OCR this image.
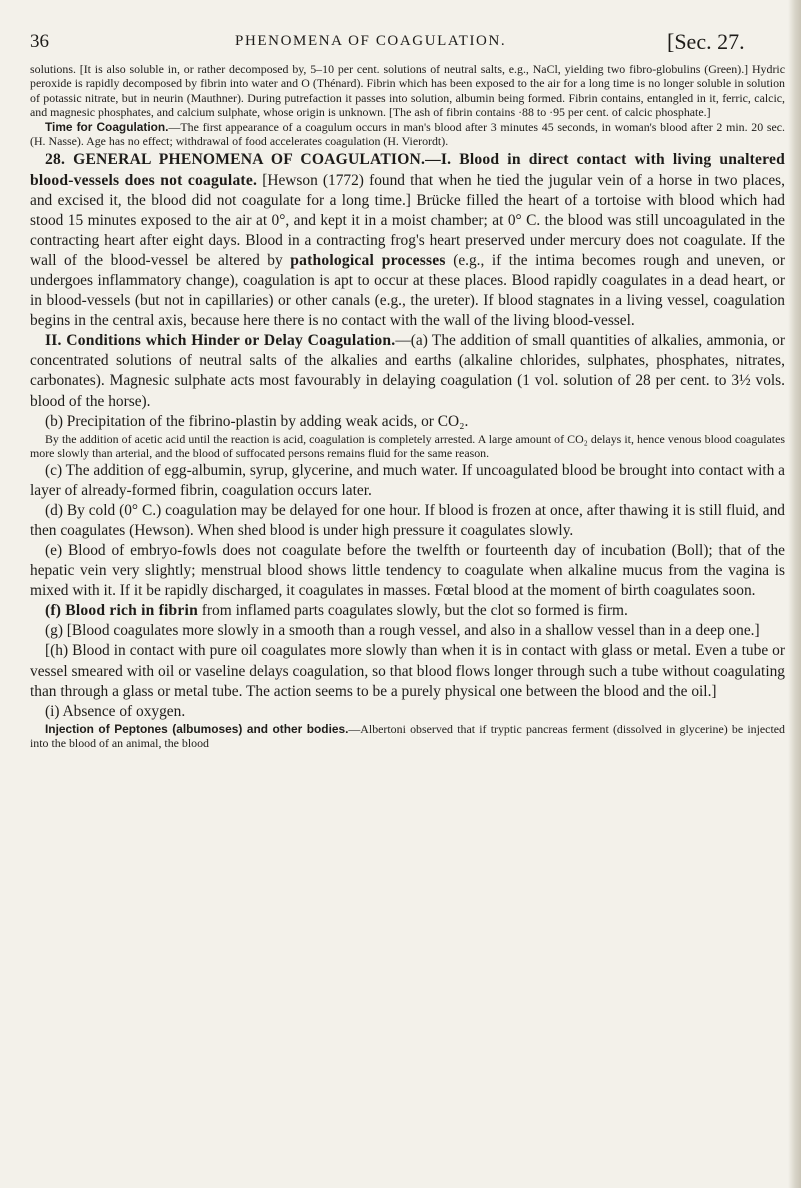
36	PHENOMENA OF COAGULATION.	[Sec. 27.

solutions. [It is also soluble in, or rather decomposed by, 5–10 per cent. solutions of neutral salts, e.g., NaCl, yielding two fibro-globulins (Green).] Hydric peroxide is rapidly decomposed by fibrin into water and O (Thénard). Fibrin which has been exposed to the air for a long time is no longer soluble in solution of potassic nitrate, but in neurin (Mauthner). During putrefaction it passes into solution, albumin being formed. Fibrin contains, entangled in it, ferric, calcic, and magnesic phosphates, and calcium sulphate, whose origin is unknown. [The ash of fibrin contains ·88 to ·95 per cent. of calcic phosphate.]

Time for Coagulation.—The first appearance of a coagulum occurs in man's blood after 3 minutes 45 seconds, in woman's blood after 2 min. 20 sec. (H. Nasse). Age has no effect; withdrawal of food accelerates coagulation (H. Vierordt).

28. GENERAL PHENOMENA OF COAGULATION.—I. Blood in direct contact with living unaltered blood-vessels does not coagulate. [Hewson (1772) found that when he tied the jugular vein of a horse in two places, and excised it, the blood did not coagulate for a long time.] Brücke filled the heart of a tortoise with blood which had stood 15 minutes exposed to the air at 0°, and kept it in a moist chamber; at 0° C. the blood was still uncoagulated in the contracting heart after eight days. Blood in a contracting frog's heart preserved under mercury does not coagulate. If the wall of the blood-vessel be altered by pathological processes (e.g., if the intima becomes rough and uneven, or undergoes inflammatory change), coagulation is apt to occur at these places. Blood rapidly coagulates in a dead heart, or in blood-vessels (but not in capillaries) or other canals (e.g., the ureter). If blood stagnates in a living vessel, coagulation begins in the central axis, because here there is no contact with the wall of the living blood-vessel.

II. Conditions which Hinder or Delay Coagulation.—(a) The addition of small quantities of alkalies, ammonia, or concentrated solutions of neutral salts of the alkalies and earths (alkaline chlorides, sulphates, phosphates, nitrates, carbonates). Magnesic sulphate acts most favourably in delaying coagulation (1 vol. solution of 28 per cent. to 3½ vols. blood of the horse).

(b) Precipitation of the fibrino-plastin by adding weak acids, or CO₂.

By the addition of acetic acid until the reaction is acid, coagulation is completely arrested. A large amount of CO₂ delays it, hence venous blood coagulates more slowly than arterial, and the blood of suffocated persons remains fluid for the same reason.

(c) The addition of egg-albumin, syrup, glycerine, and much water. If uncoagulated blood be brought into contact with a layer of already-formed fibrin, coagulation occurs later.

(d) By cold (0° C.) coagulation may be delayed for one hour. If blood is frozen at once, after thawing it is still fluid, and then coagulates (Hewson). When shed blood is under high pressure it coagulates slowly.

(e) Blood of embryo-fowls does not coagulate before the twelfth or fourteenth day of incubation (Boll); that of the hepatic vein very slightly; menstrual blood shows little tendency to coagulate when alkaline mucus from the vagina is mixed with it. If it be rapidly discharged, it coagulates in masses. Fœtal blood at the moment of birth coagulates soon.

(f) Blood rich in fibrin from inflamed parts coagulates slowly, but the clot so formed is firm.

(g) [Blood coagulates more slowly in a smooth than a rough vessel, and also in a shallow vessel than in a deep one.]

[(h) Blood in contact with pure oil coagulates more slowly than when it is in contact with glass or metal. Even a tube or vessel smeared with oil or vaseline delays coagulation, so that blood flows longer through such a tube without coagulating than through a glass or metal tube. The action seems to be a purely physical one between the blood and the oil.]

(i) Absence of oxygen.

Injection of Peptones (albumoses) and other bodies.—Albertoni observed that if tryptic pancreas ferment (dissolved in glycerine) be injected into the blood of an animal, the blood
